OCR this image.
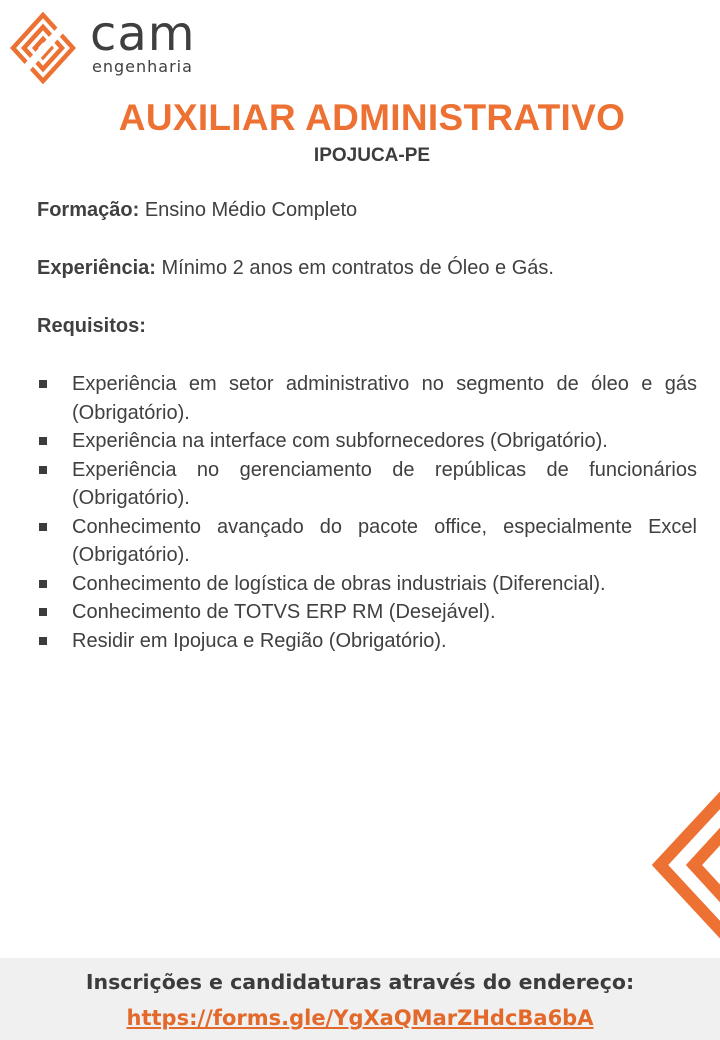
cam
engenharia
AUXILIAR ADMINISTRATIVO
IPOJUCA-PE
Formação: Ensino Médio Completo
Experiência: Mínimo 2 anos em contratos de Óleo e Gás.
Requisitos:
Experiência em setor administrativo no segmento de óleo e gás (Obrigatório).
Experiência na interface com subfornecedores (Obrigatório).
Experiência no gerenciamento de repúblicas de funcionários (Obrigatório).
Conhecimento avançado do pacote office, especialmente Excel (Obrigatório).
Conhecimento de logística de obras industriais (Diferencial).
Conhecimento de TOTVS ERP RM (Desejável).
Residir em Ipojuca e Região (Obrigatório).
Inscrições e candidaturas através do endereço:
https://forms.gle/YgXaQMarZHdcBa6bA
